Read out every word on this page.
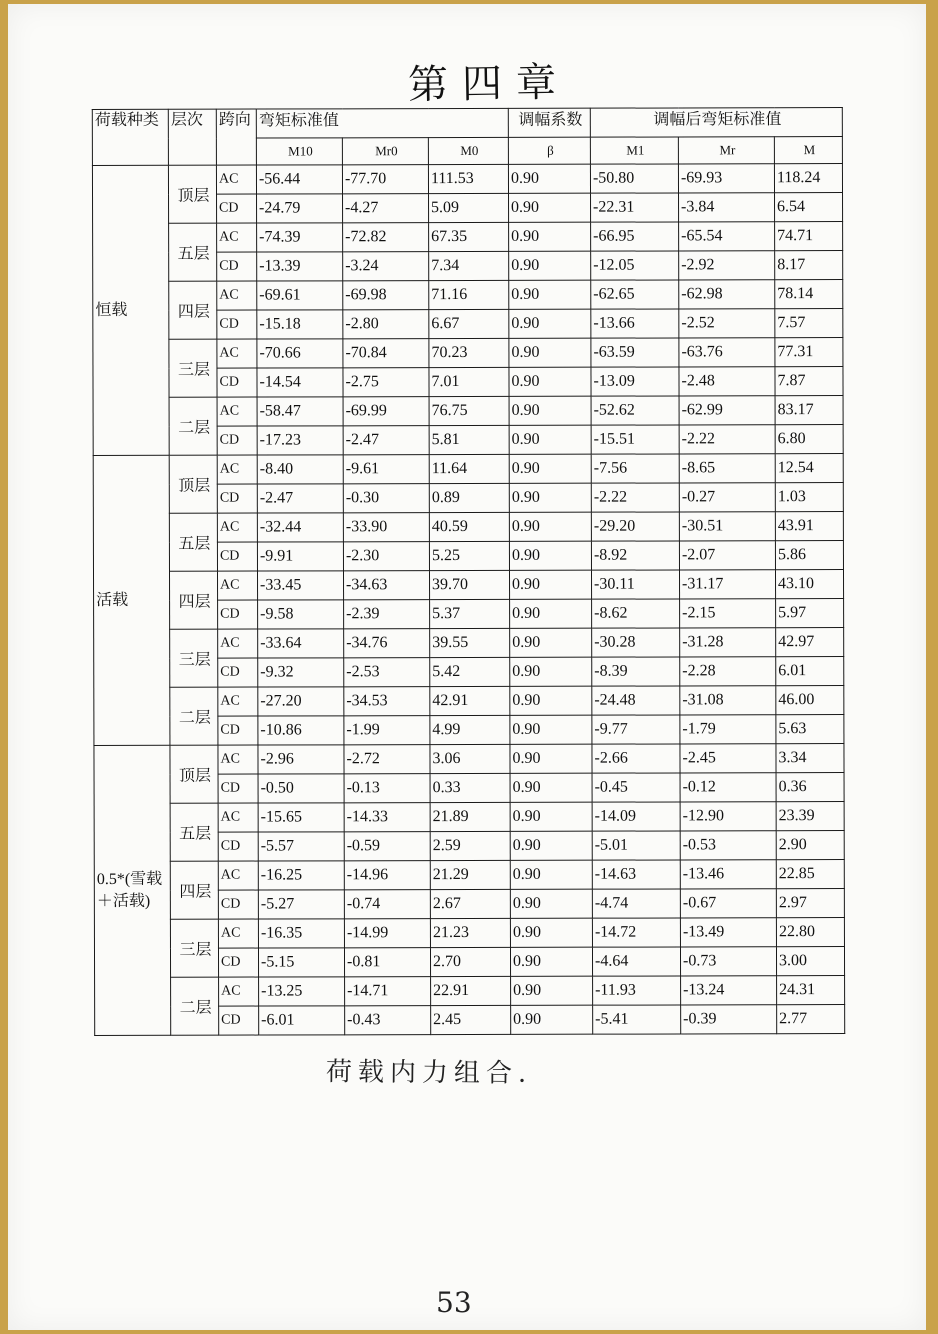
第四章
荷载种类	层次	跨向	弯矩标准值			调幅系数	调幅后弯矩标准值		
			M10	Mr0	M0	β	M1	Mr	M
恒载	顶层	AC	-56.44	-77.70	111.53	0.90	-50.80	-69.93	118.24
		CD	-24.79	-4.27	5.09	0.90	-22.31	-3.84	6.54
	五层	AC	-74.39	-72.82	67.35	0.90	-66.95	-65.54	74.71
		CD	-13.39	-3.24	7.34	0.90	-12.05	-2.92	8.17
	四层	AC	-69.61	-69.98	71.16	0.90	-62.65	-62.98	78.14
		CD	-15.18	-2.80	6.67	0.90	-13.66	-2.52	7.57
	三层	AC	-70.66	-70.84	70.23	0.90	-63.59	-63.76	77.31
		CD	-14.54	-2.75	7.01	0.90	-13.09	-2.48	7.87
	二层	AC	-58.47	-69.99	76.75	0.90	-52.62	-62.99	83.17
		CD	-17.23	-2.47	5.81	0.90	-15.51	-2.22	6.80
活载	顶层	AC	-8.40	-9.61	11.64	0.90	-7.56	-8.65	12.54
		CD	-2.47	-0.30	0.89	0.90	-2.22	-0.27	1.03
	五层	AC	-32.44	-33.90	40.59	0.90	-29.20	-30.51	43.91
		CD	-9.91	-2.30	5.25	0.90	-8.92	-2.07	5.86
	四层	AC	-33.45	-34.63	39.70	0.90	-30.11	-31.17	43.10
		CD	-9.58	-2.39	5.37	0.90	-8.62	-2.15	5.97
	三层	AC	-33.64	-34.76	39.55	0.90	-30.28	-31.28	42.97
		CD	-9.32	-2.53	5.42	0.90	-8.39	-2.28	6.01
	二层	AC	-27.20	-34.53	42.91	0.90	-24.48	-31.08	46.00
		CD	-10.86	-1.99	4.99	0.90	-9.77	-1.79	5.63
0.5*(雪载＋活载)	顶层	AC	-2.96	-2.72	3.06	0.90	-2.66	-2.45	3.34
		CD	-0.50	-0.13	0.33	0.90	-0.45	-0.12	0.36
	五层	AC	-15.65	-14.33	21.89	0.90	-14.09	-12.90	23.39
		CD	-5.57	-0.59	2.59	0.90	-5.01	-0.53	2.90
	四层	AC	-16.25	-14.96	21.29	0.90	-14.63	-13.46	22.85
		CD	-5.27	-0.74	2.67	0.90	-4.74	-0.67	2.97
	三层	AC	-16.35	-14.99	21.23	0.90	-14.72	-13.49	22.80
		CD	-5.15	-0.81	2.70	0.90	-4.64	-0.73	3.00
	二层	AC	-13.25	-14.71	22.91	0.90	-11.93	-13.24	24.31
		CD	-6.01	-0.43	2.45	0.90	-5.41	-0.39	2.77
荷载内力组合.
53
